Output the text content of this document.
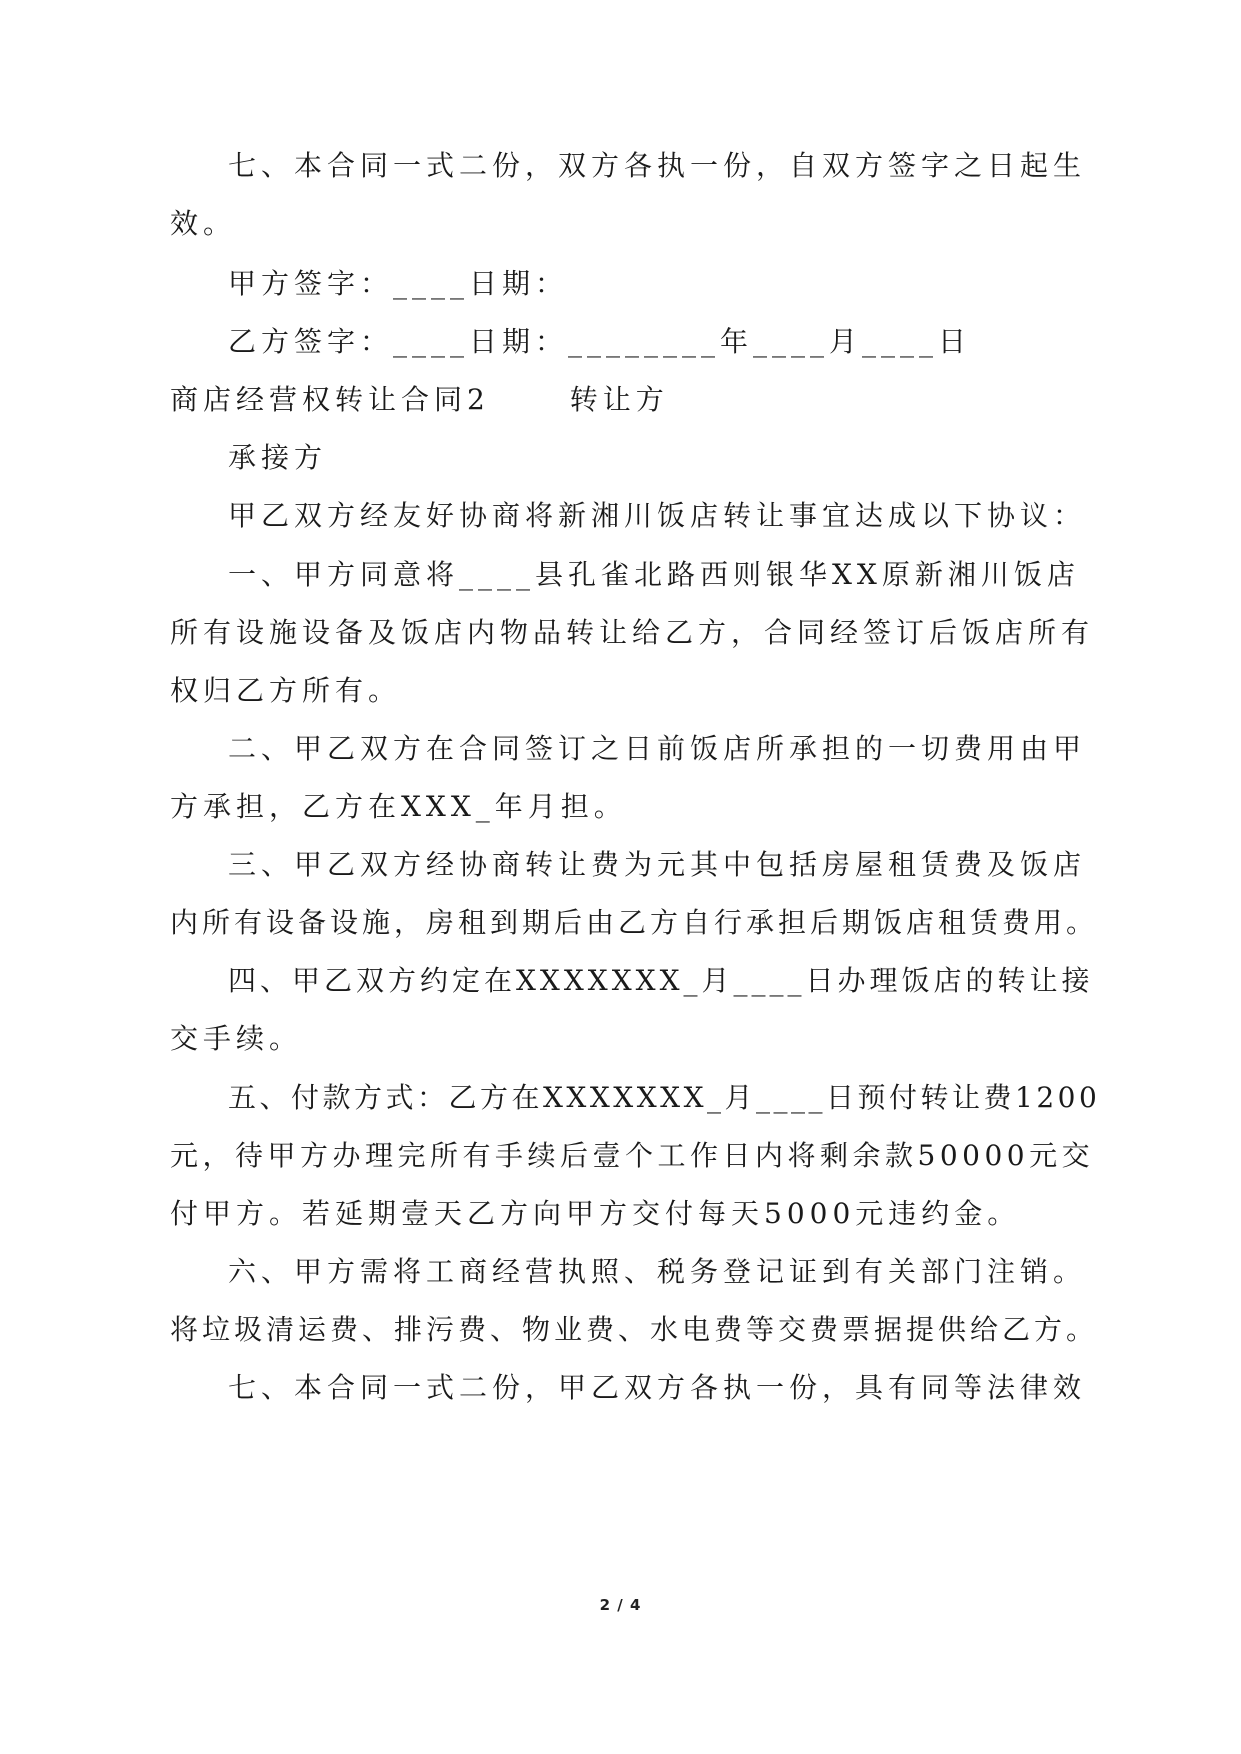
七、本合同一式二份，双方各执一份，自双方签字之日起生
效。
甲方签字：____日期：
乙方签字：____日期：________年____月____日
商店经营权转让合同2　　 转让方
承接方
甲乙双方经友好协商将新湘川饭店转让事宜达成以下协议：
一、甲方同意将____县孔雀北路西则银华XX原新湘川饭店
所有设施设备及饭店内物品转让给乙方，合同经签订后饭店所有
权归乙方所有。
二、甲乙双方在合同签订之日前饭店所承担的一切费用由甲
方承担，乙方在XXX_年月担。
三、甲乙双方经协商转让费为元其中包括房屋租赁费及饭店
内所有设备设施，房租到期后由乙方自行承担后期饭店租赁费用。
四、甲乙双方约定在XXXXXXX_月____日办理饭店的转让接
交手续。
五、付款方式：乙方在XXXXXXX_月____日预付转让费1200
元，待甲方办理完所有手续后壹个工作日内将剩余款50000元交
付甲方。若延期壹天乙方向甲方交付每天5000元违约金。
六、甲方需将工商经营执照、税务登记证到有关部门注销。
将垃圾清运费、排污费、物业费、水电费等交费票据提供给乙方。
七、本合同一式二份，甲乙双方各执一份，具有同等法律效
2 / 4
